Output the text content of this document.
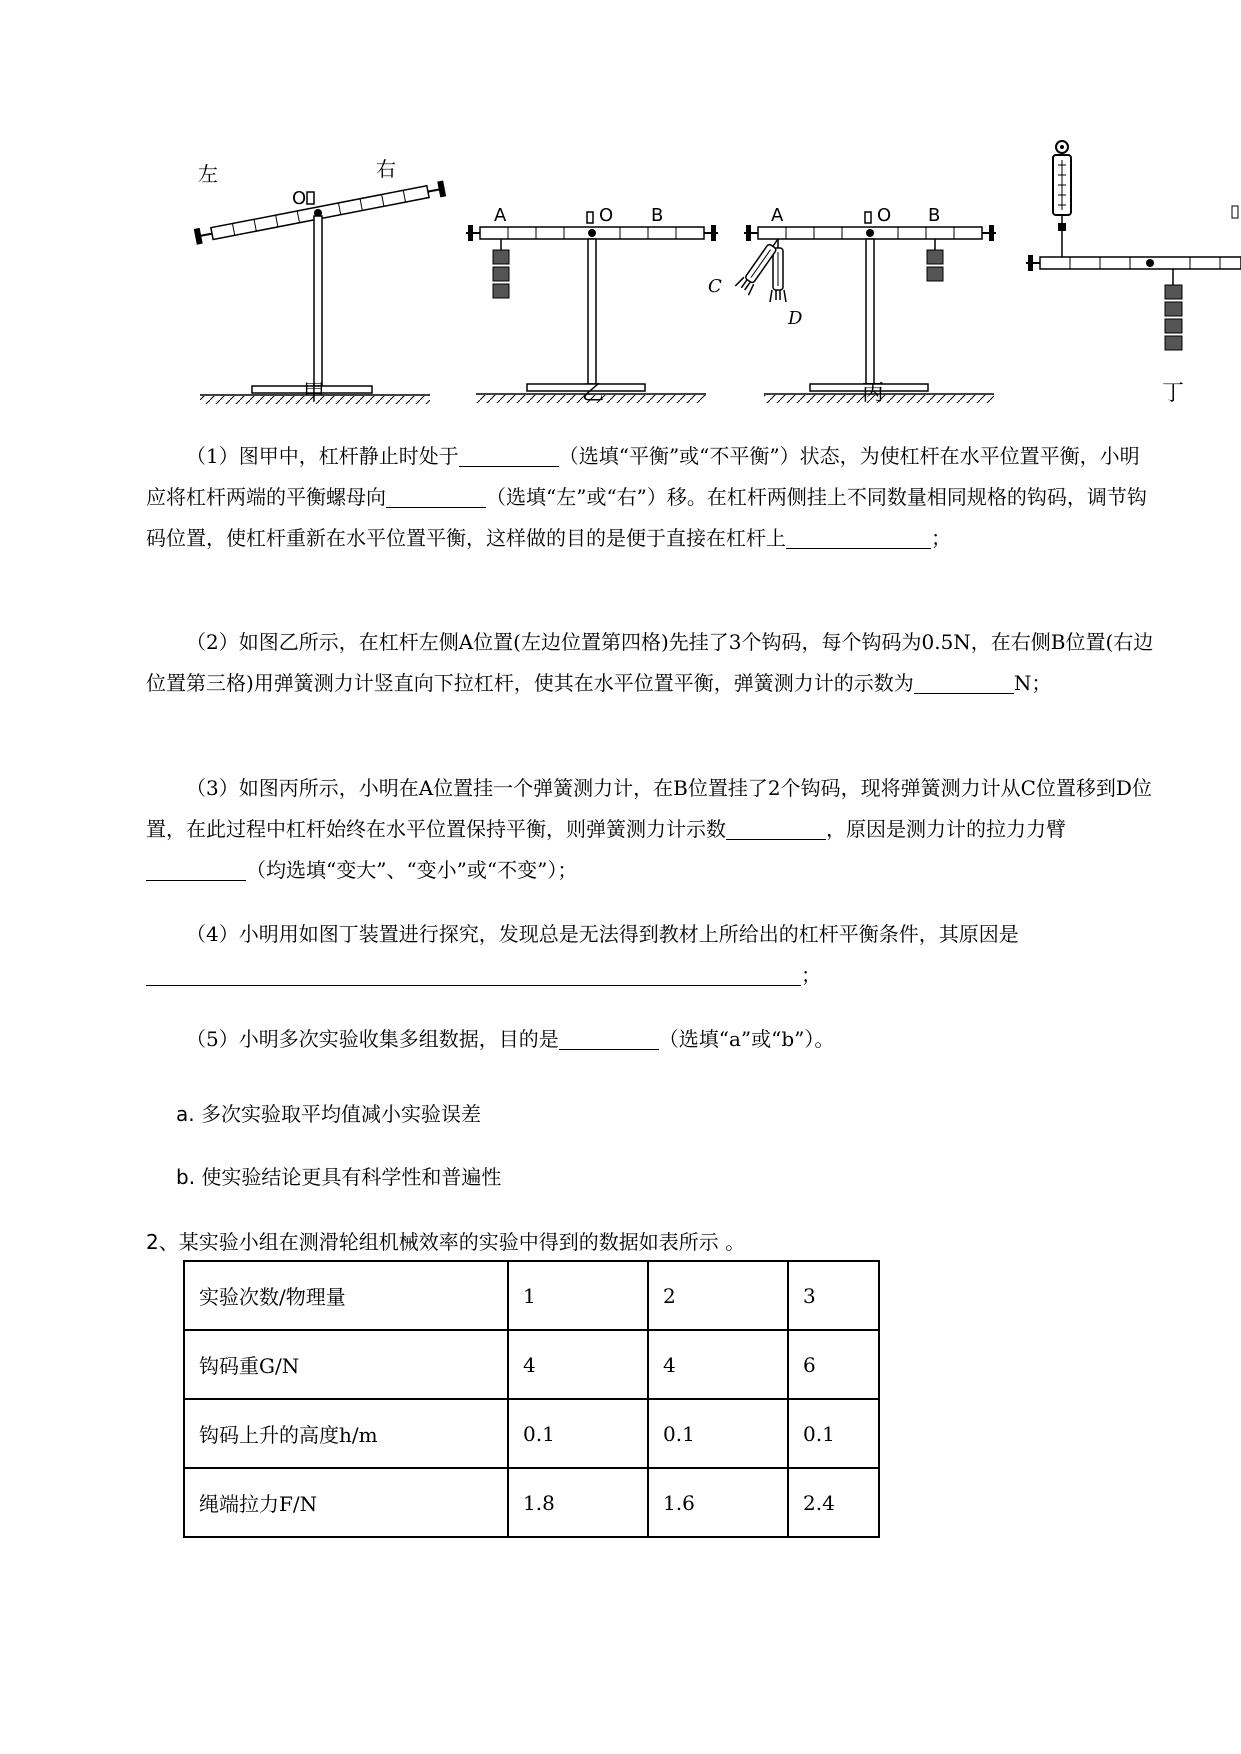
左	右
O
A	O B	A	O B
C
D
甲	乙	丙	丁

（1）图甲中，杠杆静止时处于	（选填“平衡”或“不平衡”）状态，为使杠杆在水平位置平衡，小明应将杠杆两端的平衡螺母向	（选填“左”或“右”）移。在杠杆两侧挂上不同数量相同规格的钩码，调节钩码位置，使杠杆重新在水平位置平衡，这样做的目的是便于直接在杠杆上	；

（2）如图乙所示，在杠杆左侧A位置(左边位置第四格)先挂了3个钩码，每个钩码为0.5N，在右侧B位置(右边位置第三格)用弹簧测力计竖直向下拉杠杆，使其在水平位置平衡，弹簧测力计的示数为	N；

（3）如图丙所示，小明在A位置挂一个弹簧测力计，在B位置挂了2个钩码，现将弹簧测力计从C位置移到D位置，在此过程中杠杆始终在水平位置保持平衡，则弹簧测力计示数	，原因是测力计的拉力力臂（均选填“变大”、“变小”或“不变”）；

（4）小明用如图丁装置进行探究，发现总是无法得到教材上所给出的杠杆平衡条件，其原因是；

（5）小明多次实验收集多组数据，目的是	（选填“a”或“b”）。

a. 多次实验取平均值减小实验误差
b. 使实验结论更具有科学性和普遍性
2、某实验小组在测滑轮组机械效率的实验中得到的数据如表所示 。
实验次数/物理量	1	2	3
钩码重G/N	4	4	6
钩码上升的高度h/m	0.1	0.1	0.1
绳端拉力F/N	1.8	1.6	2.4
